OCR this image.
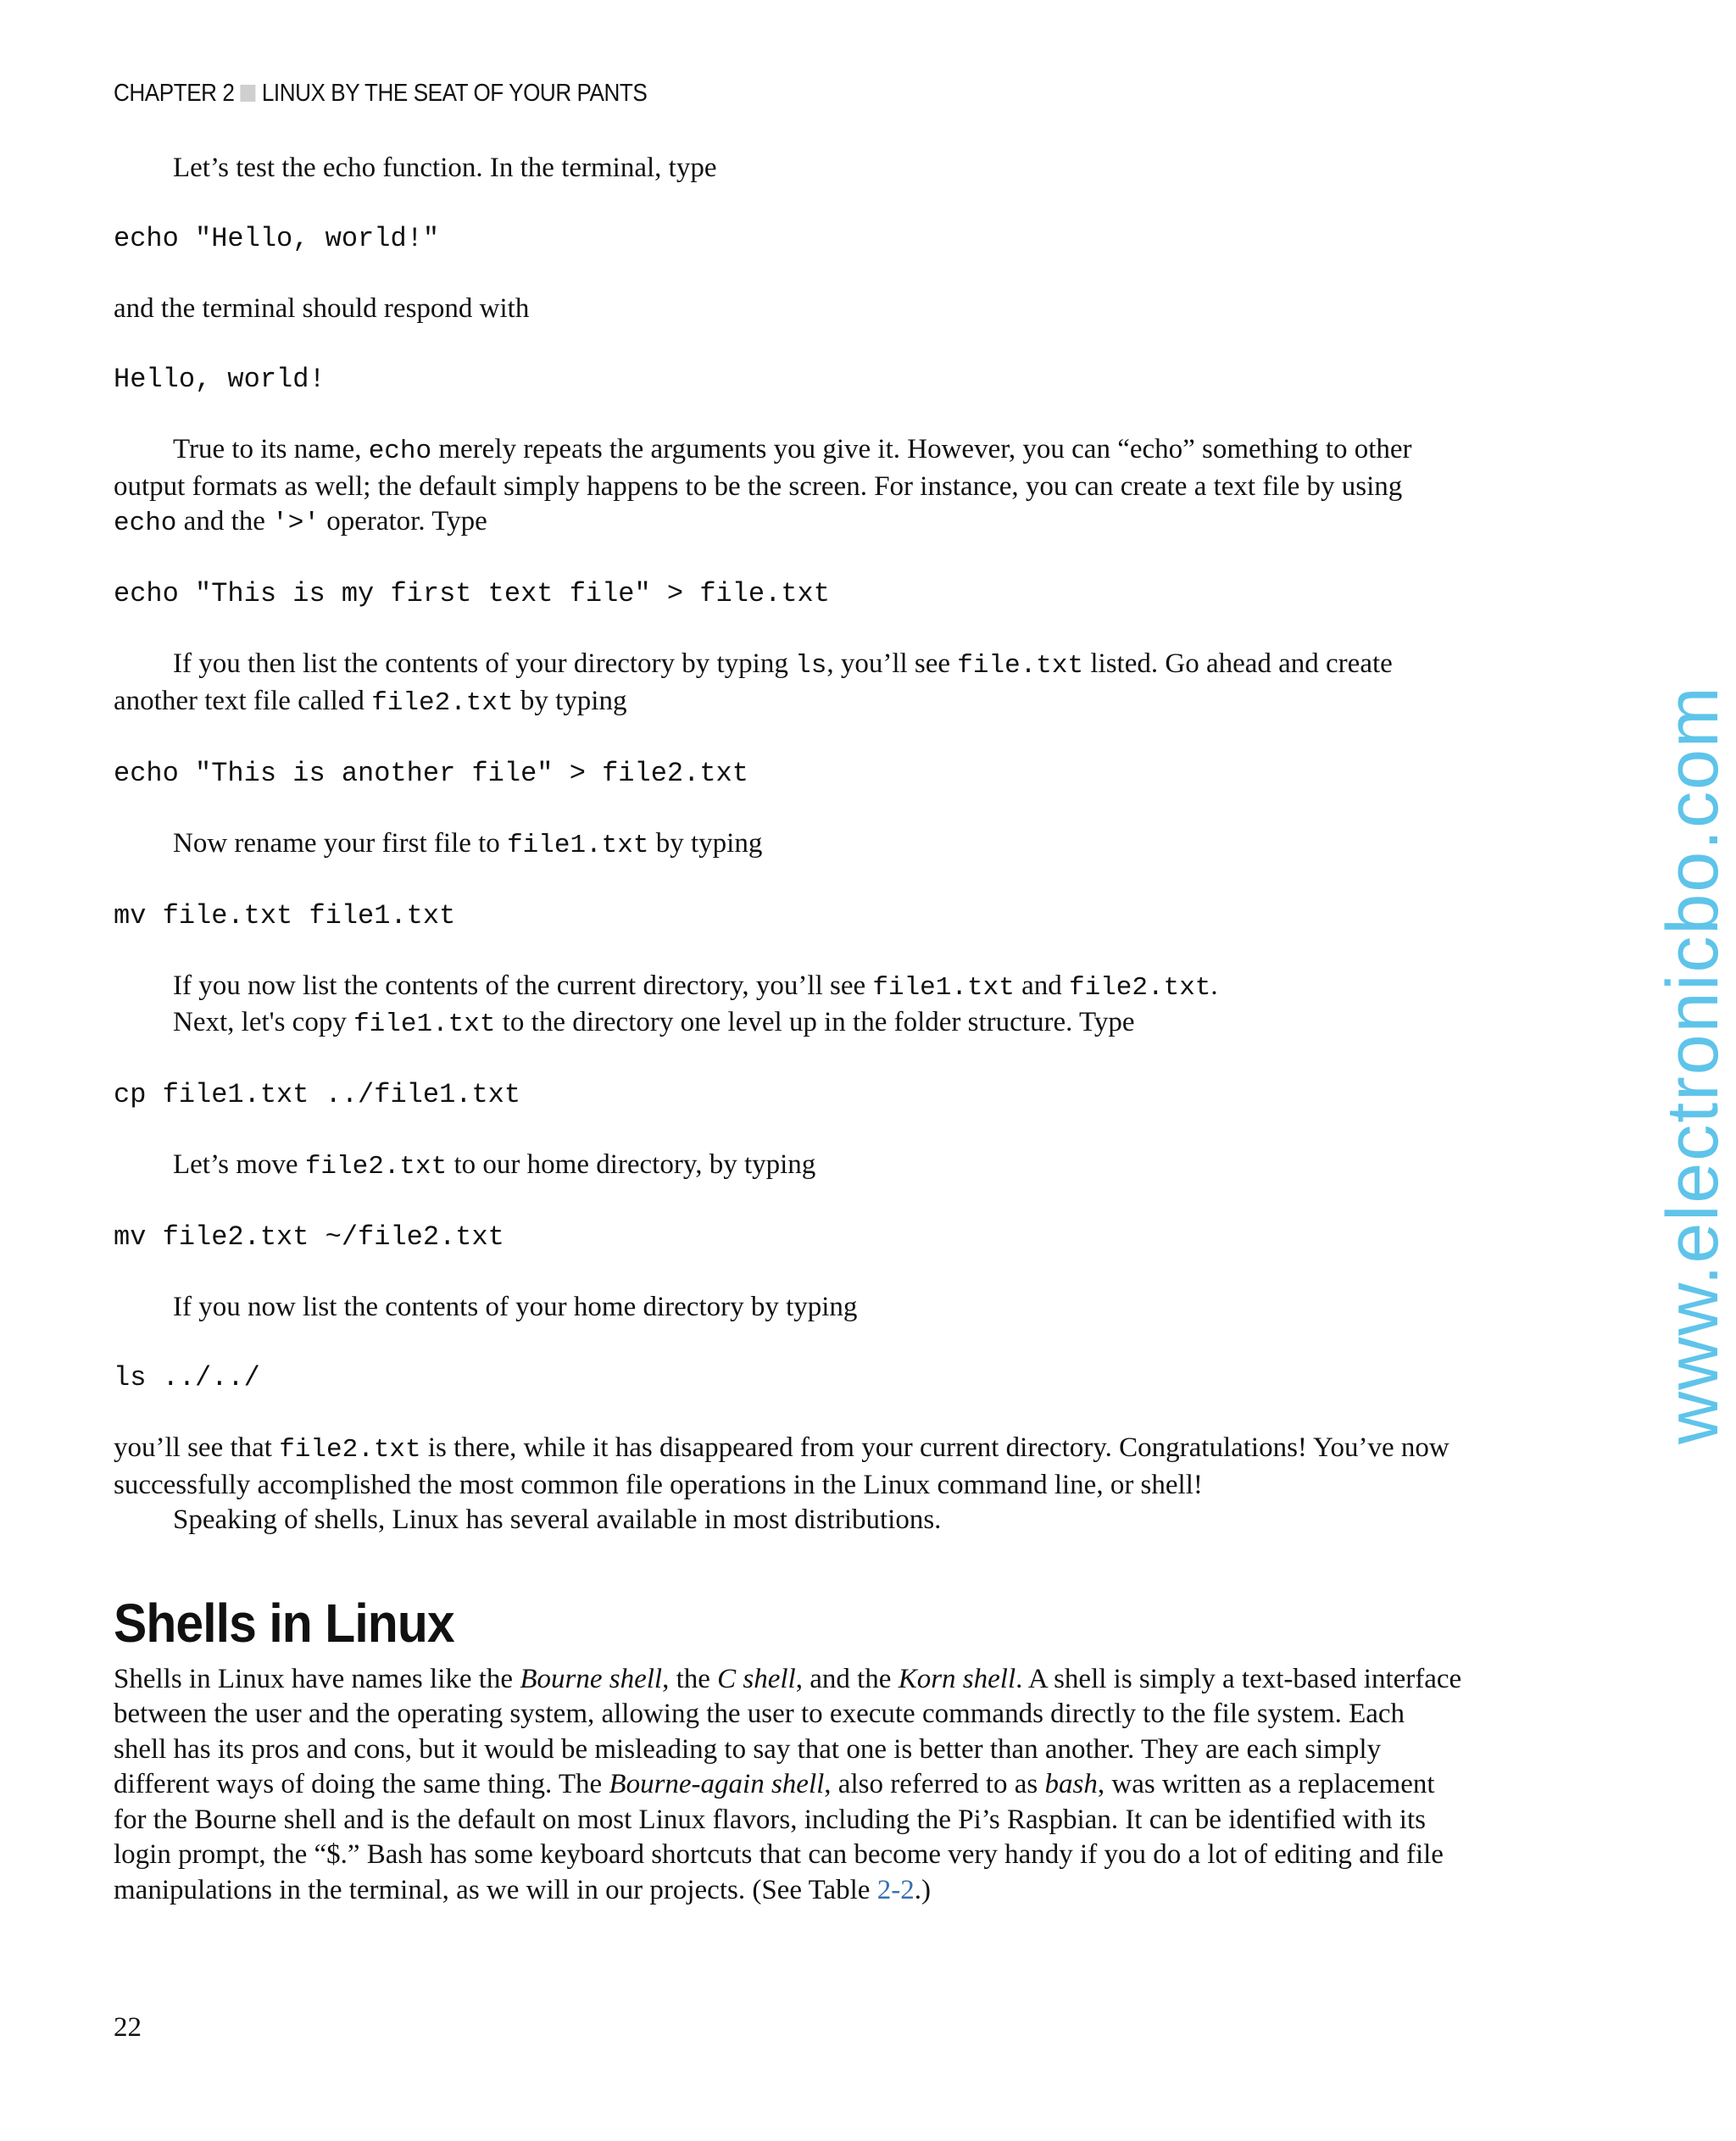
CHAPTER 2 LINUX BY THE SEAT OF YOUR PANTS

Let’s test the echo function. In the terminal, type

echo "Hello, world!"

and the terminal should respond with

Hello, world!

True to its name, echo merely repeats the arguments you give it. However, you can “echo” something to other

output formats as well; the default simply happens to be the screen. For instance, you can create a text file by using

echo and the '>' operator. Type

echo "This is my first text file" > file.txt

If you then list the contents of your directory by typing ls, you’ll see file.txt listed. Go ahead and create

another text file called file2.txt by typing

echo "This is another file" > file2.txt

Now rename your first file to file1.txt by typing

mv file.txt file1.txt

If you now list the contents of the current directory, you’ll see file1.txt and file2.txt.

Next, let's copy file1.txt to the directory one level up in the folder structure. Type

cp file1.txt ../file1.txt

Let’s move file2.txt to our home directory, by typing

mv file2.txt ~/file2.txt

If you now list the contents of your home directory by typing

ls ../../

you’ll see that file2.txt is there, while it has disappeared from your current directory. Congratulations! You’ve now

successfully accomplished the most common file operations in the Linux command line, or shell!

Speaking of shells, Linux has several available in most distributions.

Shells in Linux

Shells in Linux have names like the Bourne shell, the C shell, and the Korn shell. A shell is simply a text-based interface

between the user and the operating system, allowing the user to execute commands directly to the file system. Each

shell has its pros and cons, but it would be misleading to say that one is better than another. They are each simply

different ways of doing the same thing. The Bourne-again shell, also referred to as bash, was written as a replacement

for the Bourne shell and is the default on most Linux flavors, including the Pi’s Raspbian. It can be identified with its

login prompt, the “$.” Bash has some keyboard shortcuts that can become very handy if you do a lot of editing and file

manipulations in the terminal, as we will in our projects. (See Table 2-2.)

22
www.electronicbo.com
